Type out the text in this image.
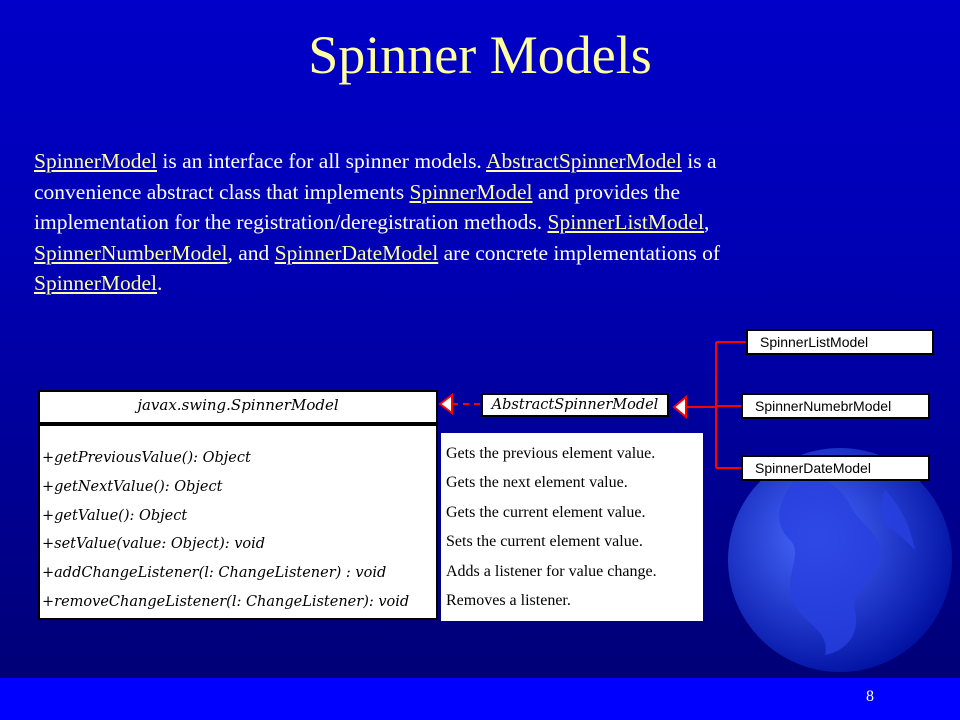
Spinner Models
SpinnerModel is an interface for all spinner models. AbstractSpinnerModel is a
convenience abstract class that implements SpinnerModel and provides the
implementation for the registration/deregistration methods. SpinnerListModel,
SpinnerNumberModel, and SpinnerDateModel are concrete implementations of
SpinnerModel.
javax.swing.SpinnerModel
+getPreviousValue(): Object
+getNextValue(): Object
+getValue(): Object
+setValue(value: Object): void
+addChangeListener(l: ChangeListener) : void
+removeChangeListener(l: ChangeListener): void
Gets the previous element value.
Gets the next element value.
Gets the current element value.
Sets the current element value.
Adds a listener for value change.
Removes a listener.
AbstractSpinnerModel
SpinnerListModel
SpinnerNumebrModel
SpinnerDateModel
8
